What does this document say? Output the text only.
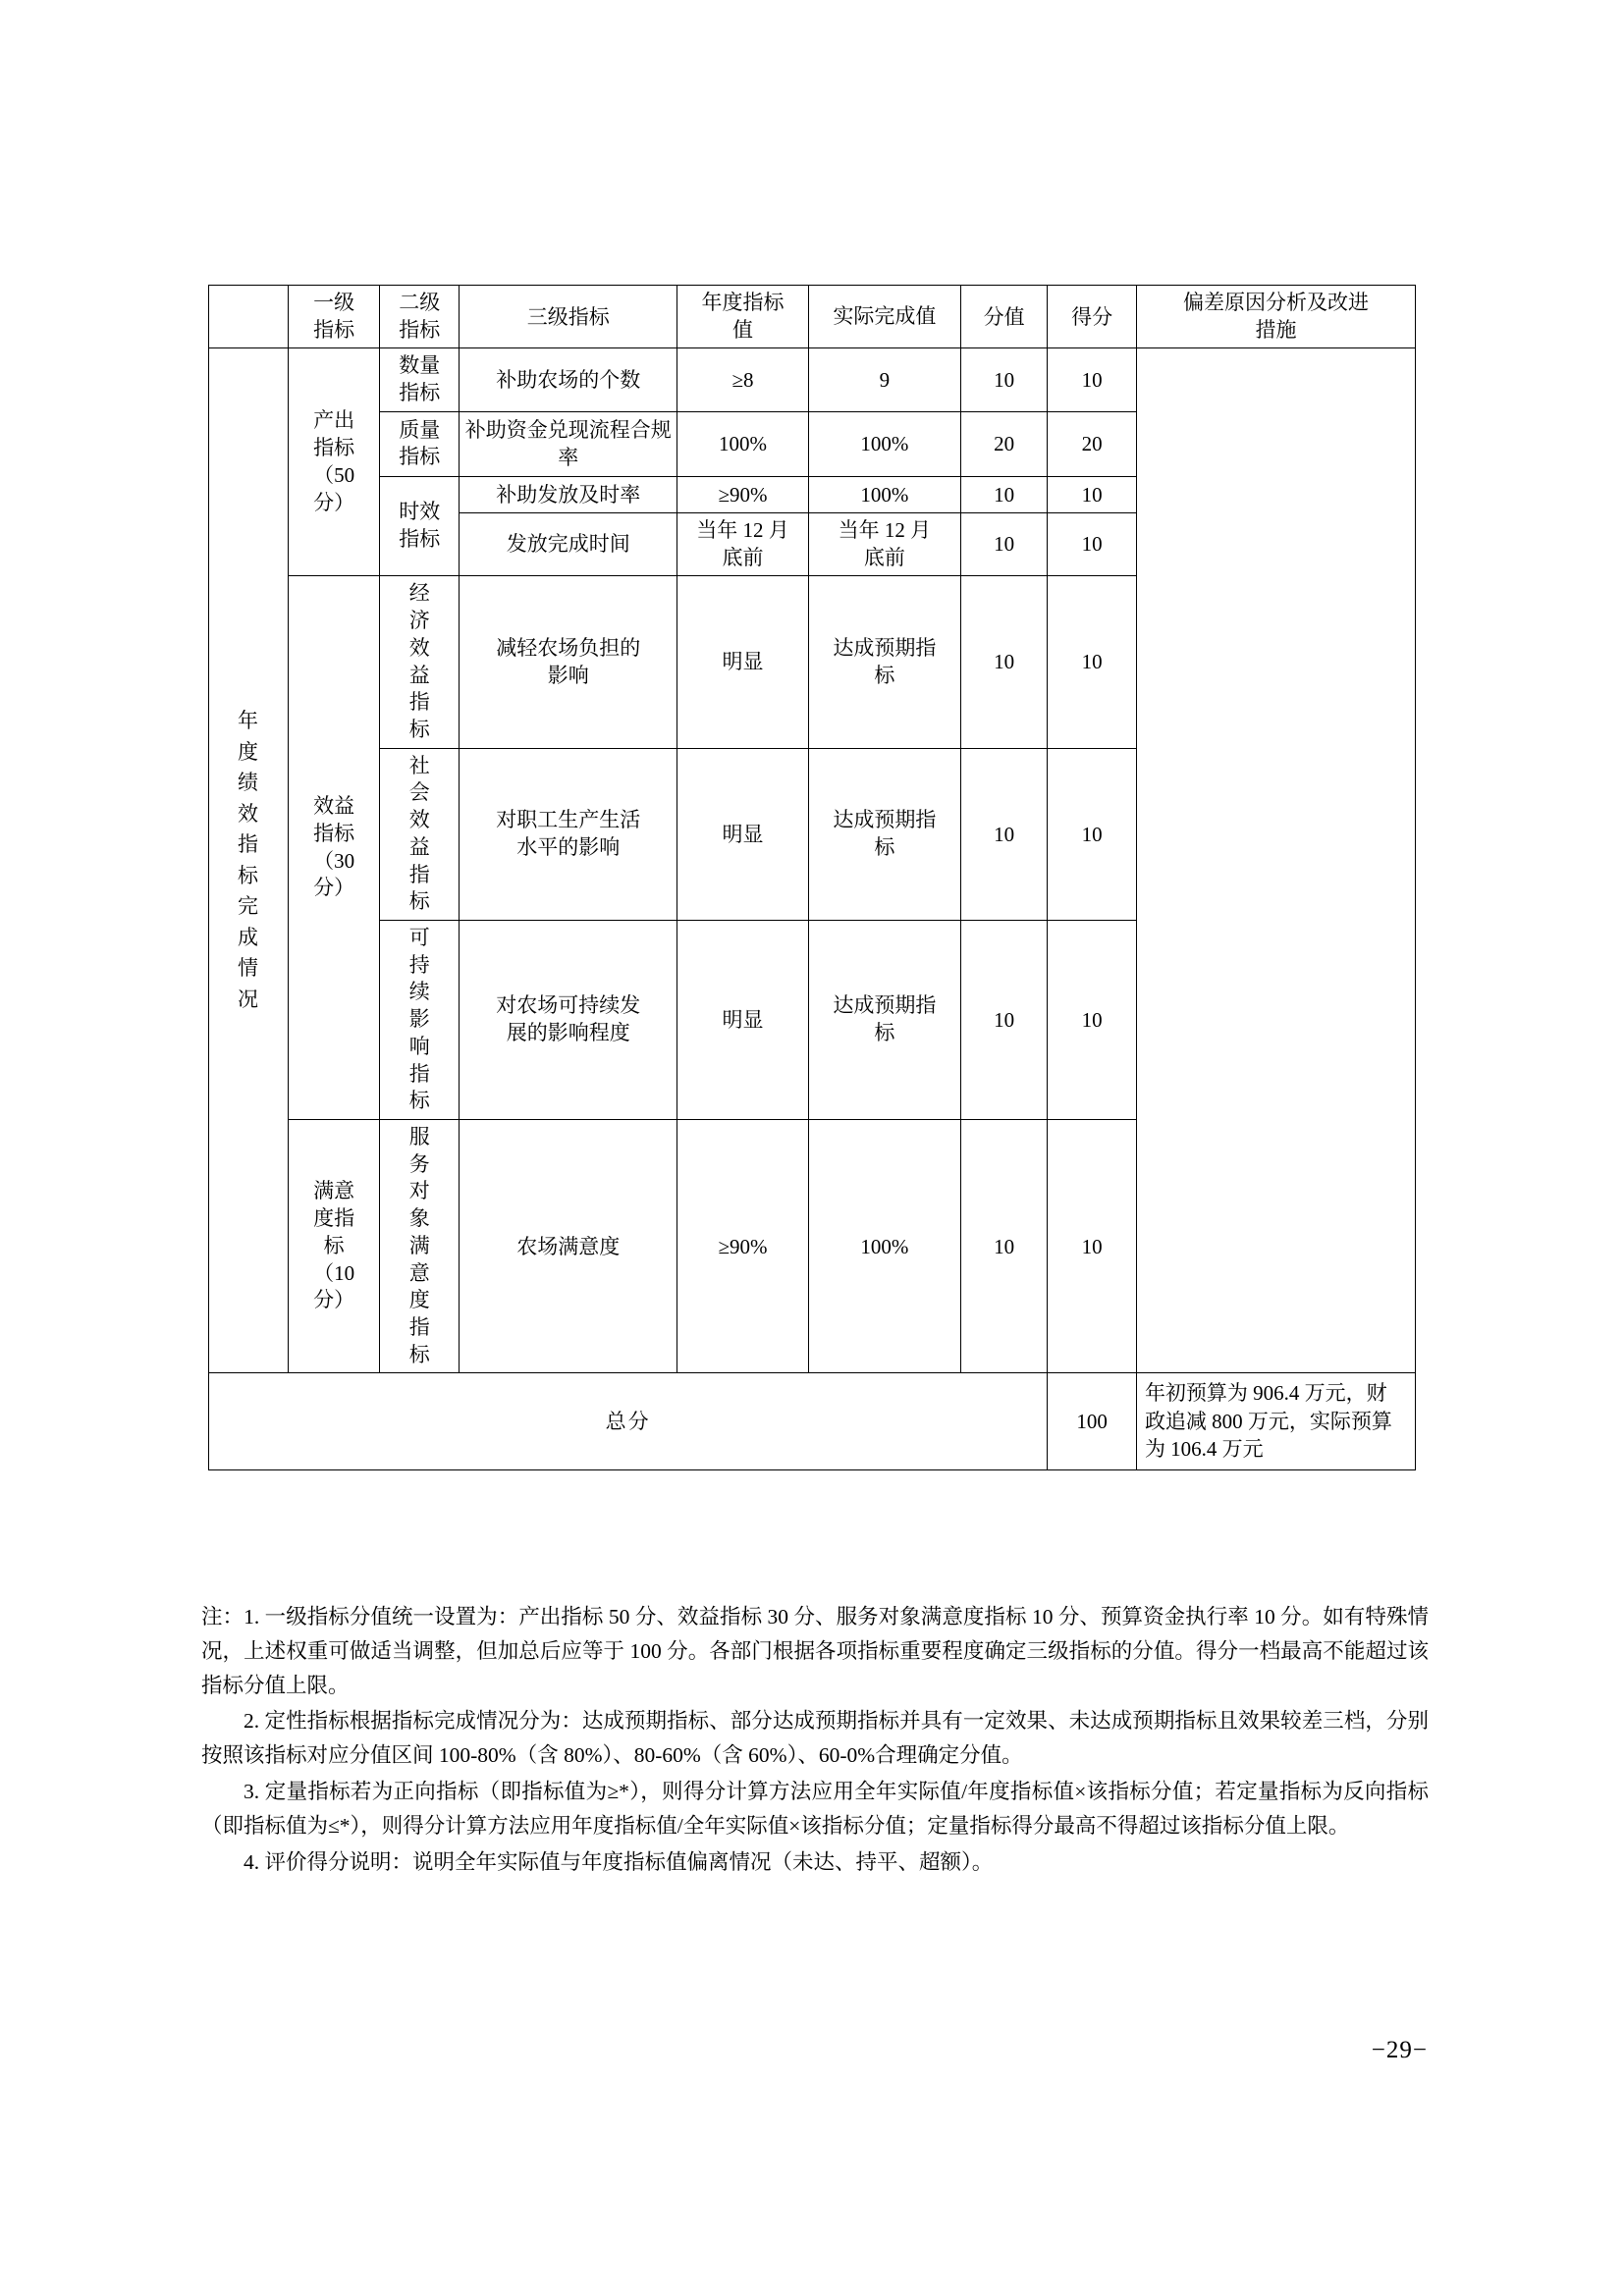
	一级指标	二级指标	三级指标	年度指标值	实际完成值	分值	得分	偏差原因分析及改进措施
年度绩效指标完成情况	产出指标（50分）	数量指标	补助农场的个数	≥8	9	10	10	
		质量指标	补助资金兑现流程合规率	100%	100%	20	20	
		时效指标	补助发放及时率	≥90%	100%	10	10	
			发放完成时间	当年 12 月底前	当年 12 月底前	10	10	
	效益指标（30分）	经济效益指标	减轻农场负担的影响	明显	达成预期指标	10	10	
		社会效益指标	对职工生产生活水平的影响	明显	达成预期指标	10	10	
		可持续影响指标	对农场可持续发展的影响程度	明显	达成预期指标	10	10	
	满意度指标（10分）	服务对象满意度指标	农场满意度	≥90%	100%	10	10	
总分							100	年初预算为 906.4 万元，财政追减 800 万元，实际预算为 106.4 万元

注：1. 一级指标分值统一设置为：产出指标 50 分、效益指标 30 分、服务对象满意度指标 10 分、预算资金执行率 10 分。如有特殊情况，上述权重可做适当调整，但加总后应等于 100 分。各部门根据各项指标重要程度确定三级指标的分值。得分一档最高不能超过该指标分值上限。

2. 定性指标根据指标完成情况分为：达成预期指标、部分达成预期指标并具有一定效果、未达成预期指标且效果较差三档，分别按照该指标对应分值区间 100-80%（含 80%）、80-60%（含 60%）、60-0%合理确定分值。

3. 定量指标若为正向指标（即指标值为≥*），则得分计算方法应用全年实际值/年度指标值×该指标分值；若定量指标为反向指标（即指标值为≤*），则得分计算方法应用年度指标值/全年实际值×该指标分值；定量指标得分最高不得超过该指标分值上限。

4. 评价得分说明：说明全年实际值与年度指标值偏离情况（未达、持平、超额）。

−29−
